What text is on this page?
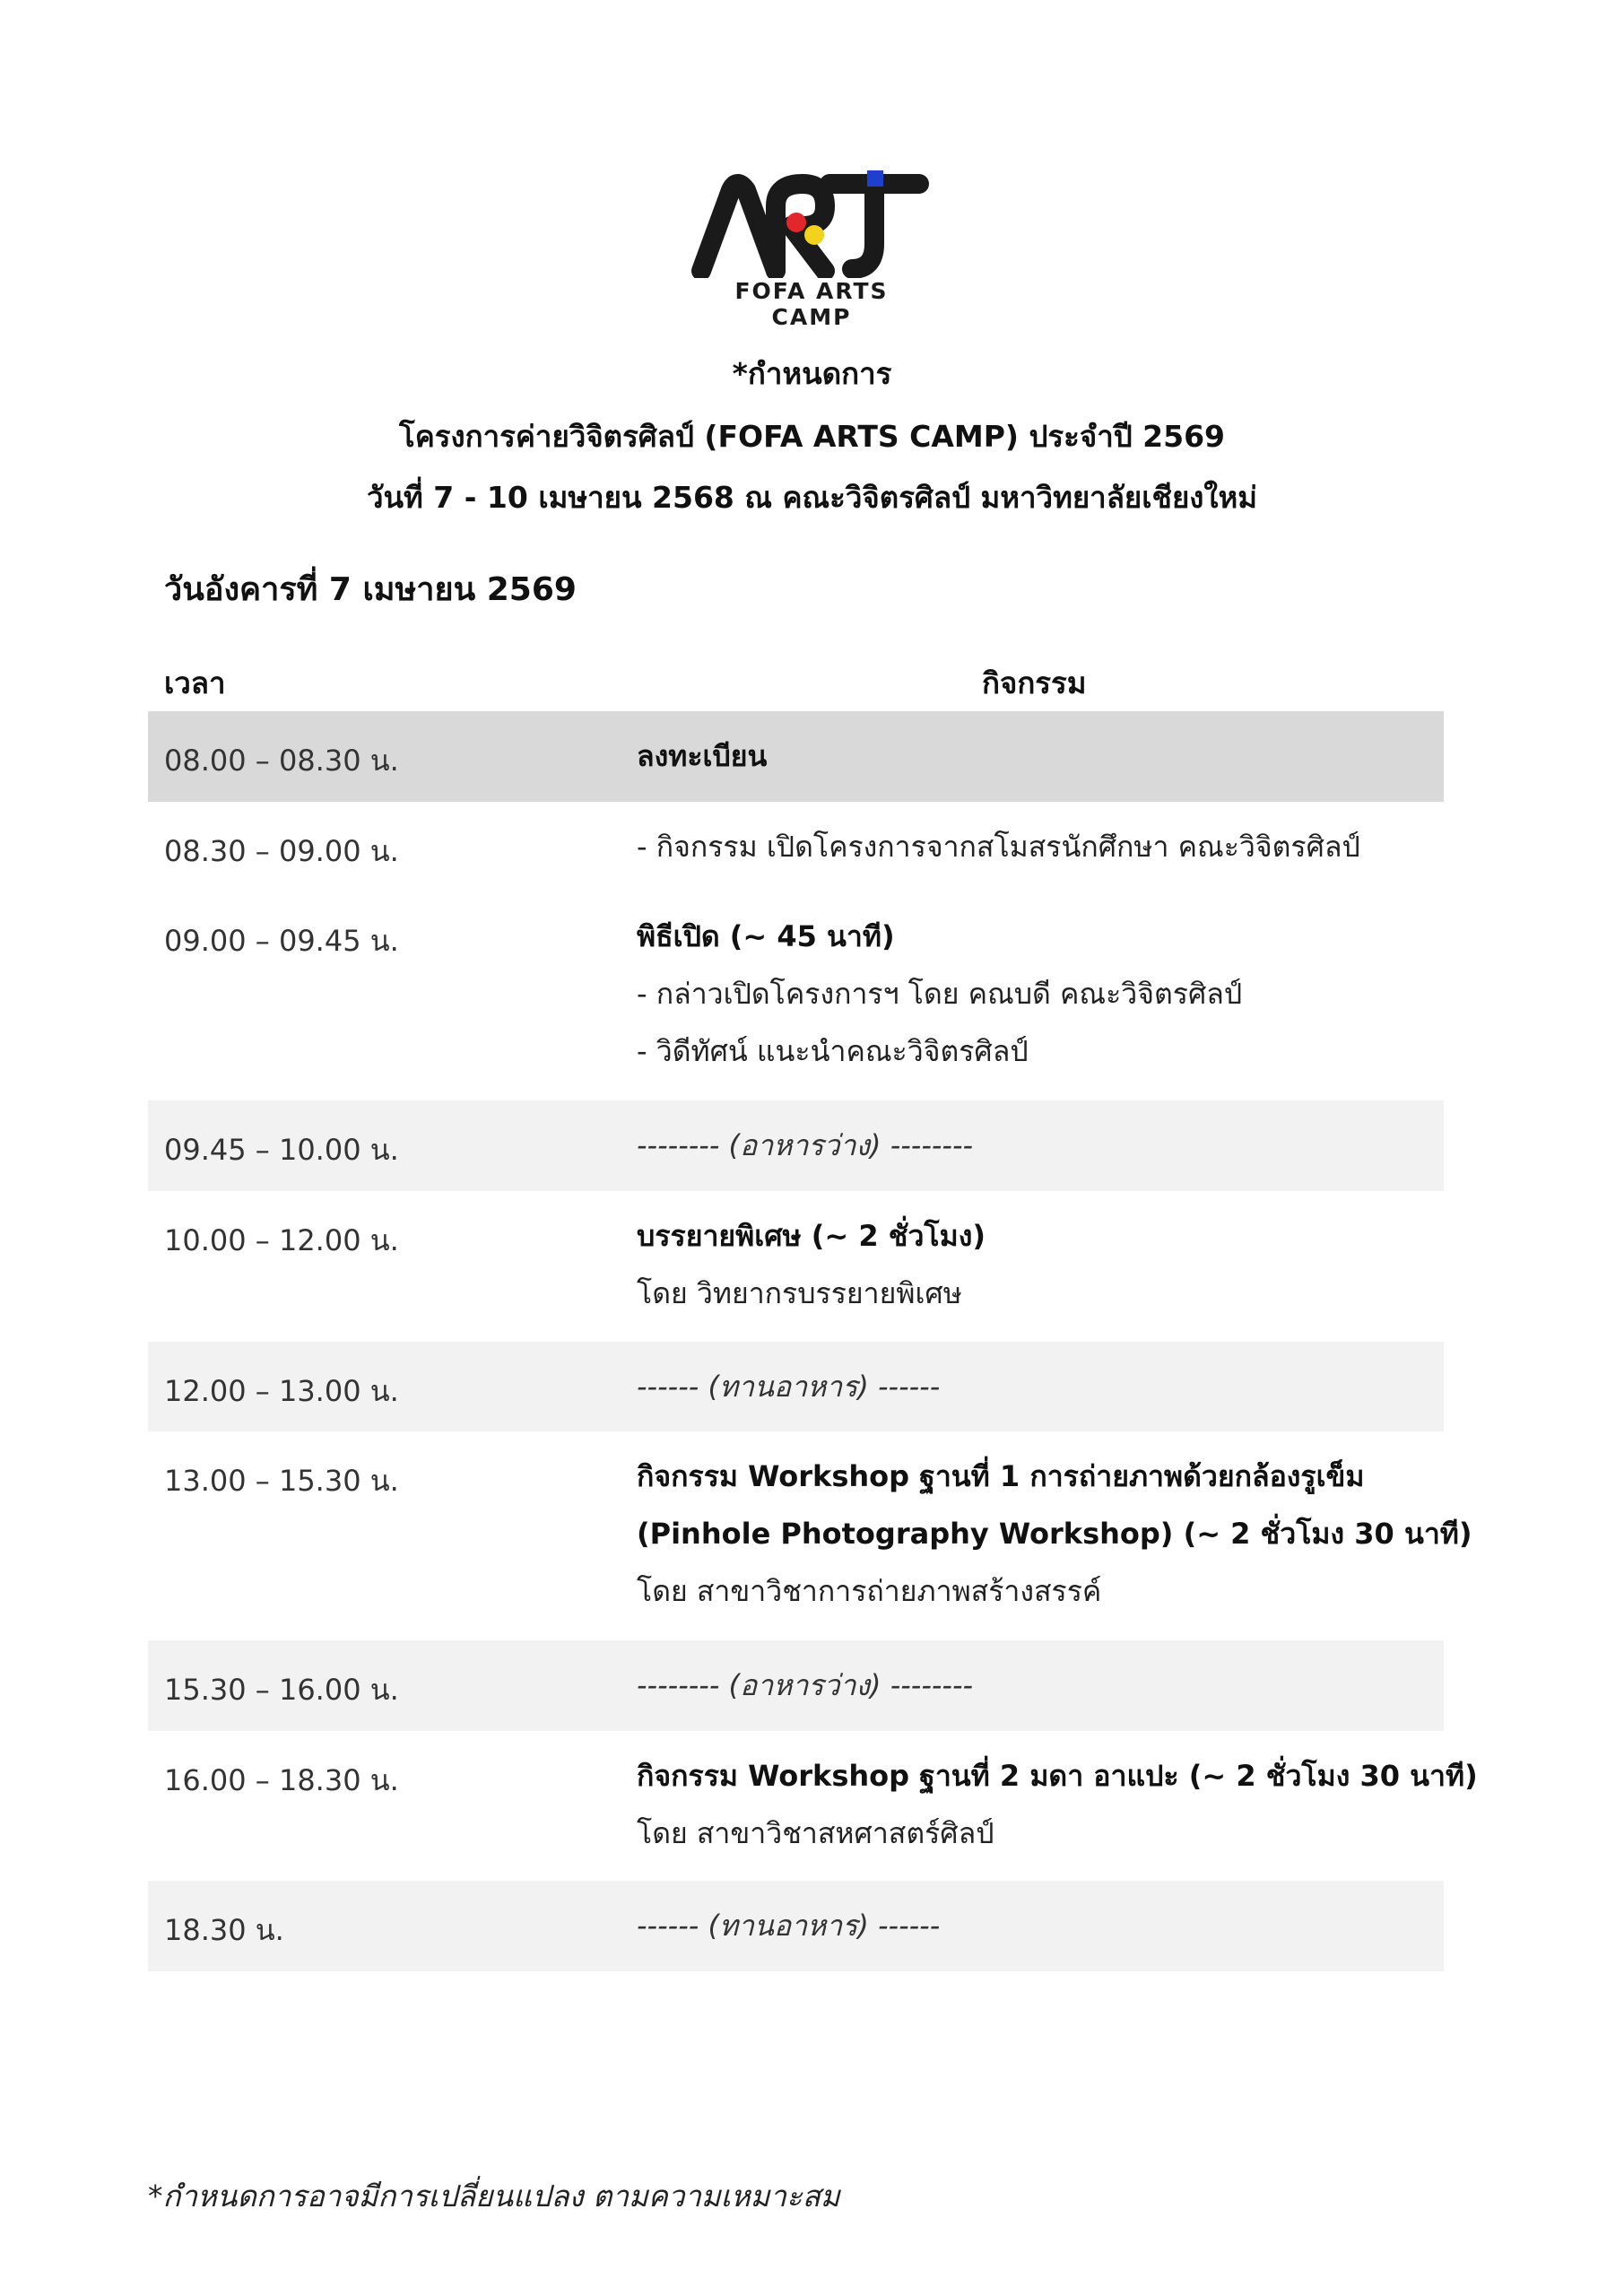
FOFA ARTS CAMP
*กำหนดการ
โครงการค่ายวิจิตรศิลป์ (FOFA ARTS CAMP) ประจำปี 2569
วันที่ 7 - 10 เมษายน 2568 ณ คณะวิจิตรศิลป์ มหาวิทยาลัยเชียงใหม่
วันอังคารที่ 7 เมษายน 2569
เวลา	กิจกรรม
08.00 – 08.30 น.	ลงทะเบียน
08.30 – 09.00 น.	- กิจกรรม เปิดโครงการจากสโมสรนักศึกษา คณะวิจิตรศิลป์
09.00 – 09.45 น.	พิธีเปิด (~ 45 นาที)
- กล่าวเปิดโครงการฯ โดย คณบดี คณะวิจิตรศิลป์
- วิดีทัศน์ แนะนำคณะวิจิตรศิลป์
09.45 – 10.00 น.	-------- (อาหารว่าง) --------
10.00 – 12.00 น.	บรรยายพิเศษ (~ 2 ชั่วโมง)
โดย วิทยากรบรรยายพิเศษ
12.00 – 13.00 น.	------ (ทานอาหาร) ------
13.00 – 15.30 น.	กิจกรรม Workshop ฐานที่ 1 การถ่ายภาพด้วยกล้องรูเข็ม
(Pinhole Photography Workshop) (~ 2 ชั่วโมง 30 นาที)
โดย สาขาวิชาการถ่ายภาพสร้างสรรค์
15.30 – 16.00 น.	-------- (อาหารว่าง) --------
16.00 – 18.30 น.	กิจกรรม Workshop ฐานที่ 2 มดา อาแปะ (~ 2 ชั่วโมง 30 นาที)
โดย สาขาวิชาสหศาสตร์ศิลป์
18.30 น.	------ (ทานอาหาร) ------
*กำหนดการอาจมีการเปลี่ยนแปลง ตามความเหมาะสม
